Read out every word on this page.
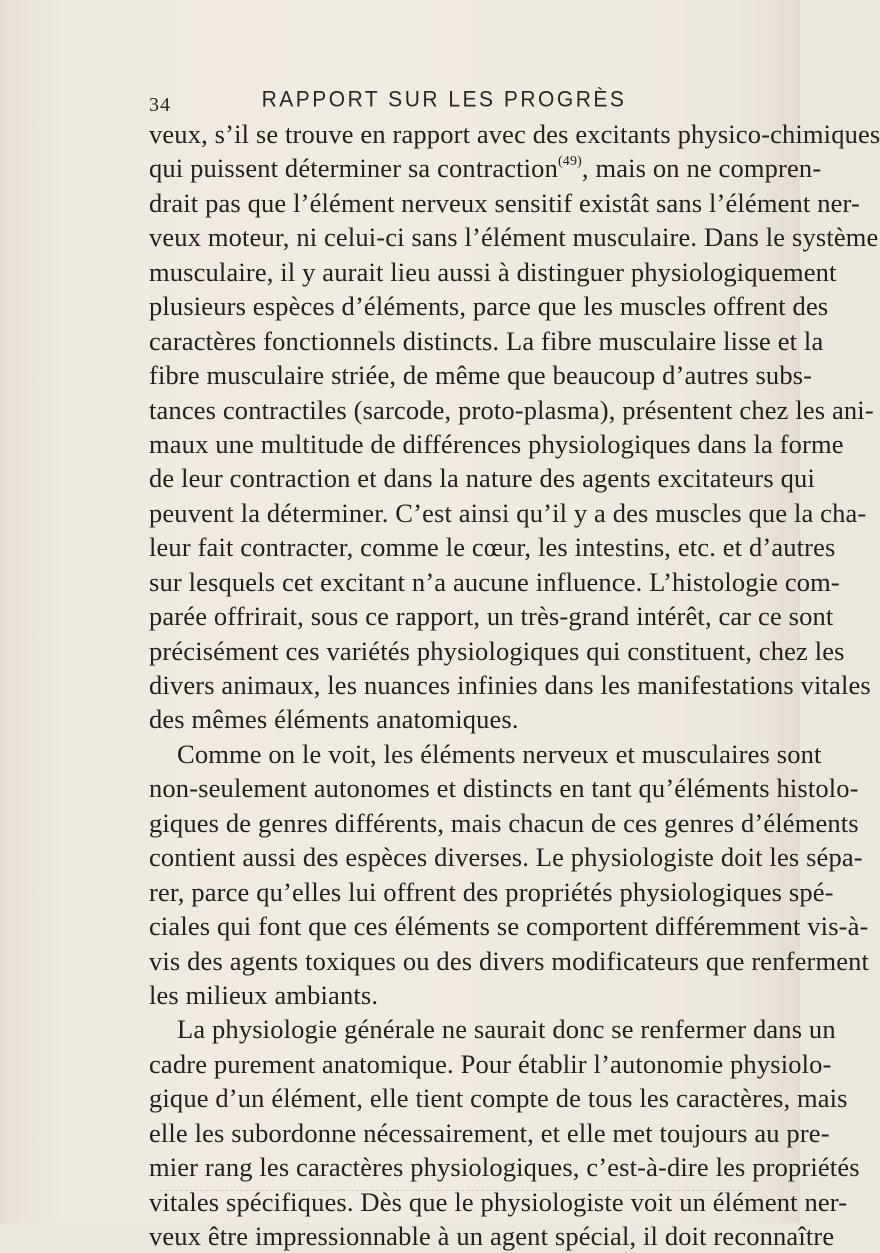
34	RAPPORT SUR LES PROGRÈS
veux, s’il se trouve en rapport avec des excitants physico-chimiques
qui puissent déterminer sa contraction$^{(49)}$, mais on ne compren-
drait pas que l’élément nerveux sensitif existât sans l’élément ner-
veux moteur, ni celui-ci sans l’élément musculaire. Dans le système
musculaire, il y aurait lieu aussi à distinguer physiologiquement
plusieurs espèces d’éléments, parce que les muscles offrent des
caractères fonctionnels distincts. La fibre musculaire lisse et la
fibre musculaire striée, de même que beaucoup d’autres subs-
tances contractiles (sarcode, proto-plasma), présentent chez les ani-
maux une multitude de différences physiologiques dans la forme
de leur contraction et dans la nature des agents excitateurs qui
peuvent la déterminer. C’est ainsi qu’il y a des muscles que la cha-
leur fait contracter, comme le cœur, les intestins, etc. et d’autres
sur lesquels cet excitant n’a aucune influence. L’histologie com-
parée offrirait, sous ce rapport, un très-grand intérêt, car ce sont
précisément ces variétés physiologiques qui constituent, chez les
divers animaux, les nuances infinies dans les manifestations vitales
des mêmes éléments anatomiques.
Comme on le voit, les éléments nerveux et musculaires sont
non-seulement autonomes et distincts en tant qu’éléments histolo-
giques de genres différents, mais chacun de ces genres d’éléments
contient aussi des espèces diverses. Le physiologiste doit les sépa-
rer, parce qu’elles lui offrent des propriétés physiologiques spé-
ciales qui font que ces éléments se comportent différemment vis-à-
vis des agents toxiques ou des divers modificateurs que renferment
les milieux ambiants.
La physiologie générale ne saurait donc se renfermer dans un
cadre purement anatomique. Pour établir l’autonomie physiolo-
gique d’un élément, elle tient compte de tous les caractères, mais
elle les subordonne nécessairement, et elle met toujours au pre-
mier rang les caractères physiologiques, c’est-à-dire les propriétés
vitales spécifiques. Dès que le physiologiste voit un élément ner-
veux être impressionnable à un agent spécial, il doit reconnaître
